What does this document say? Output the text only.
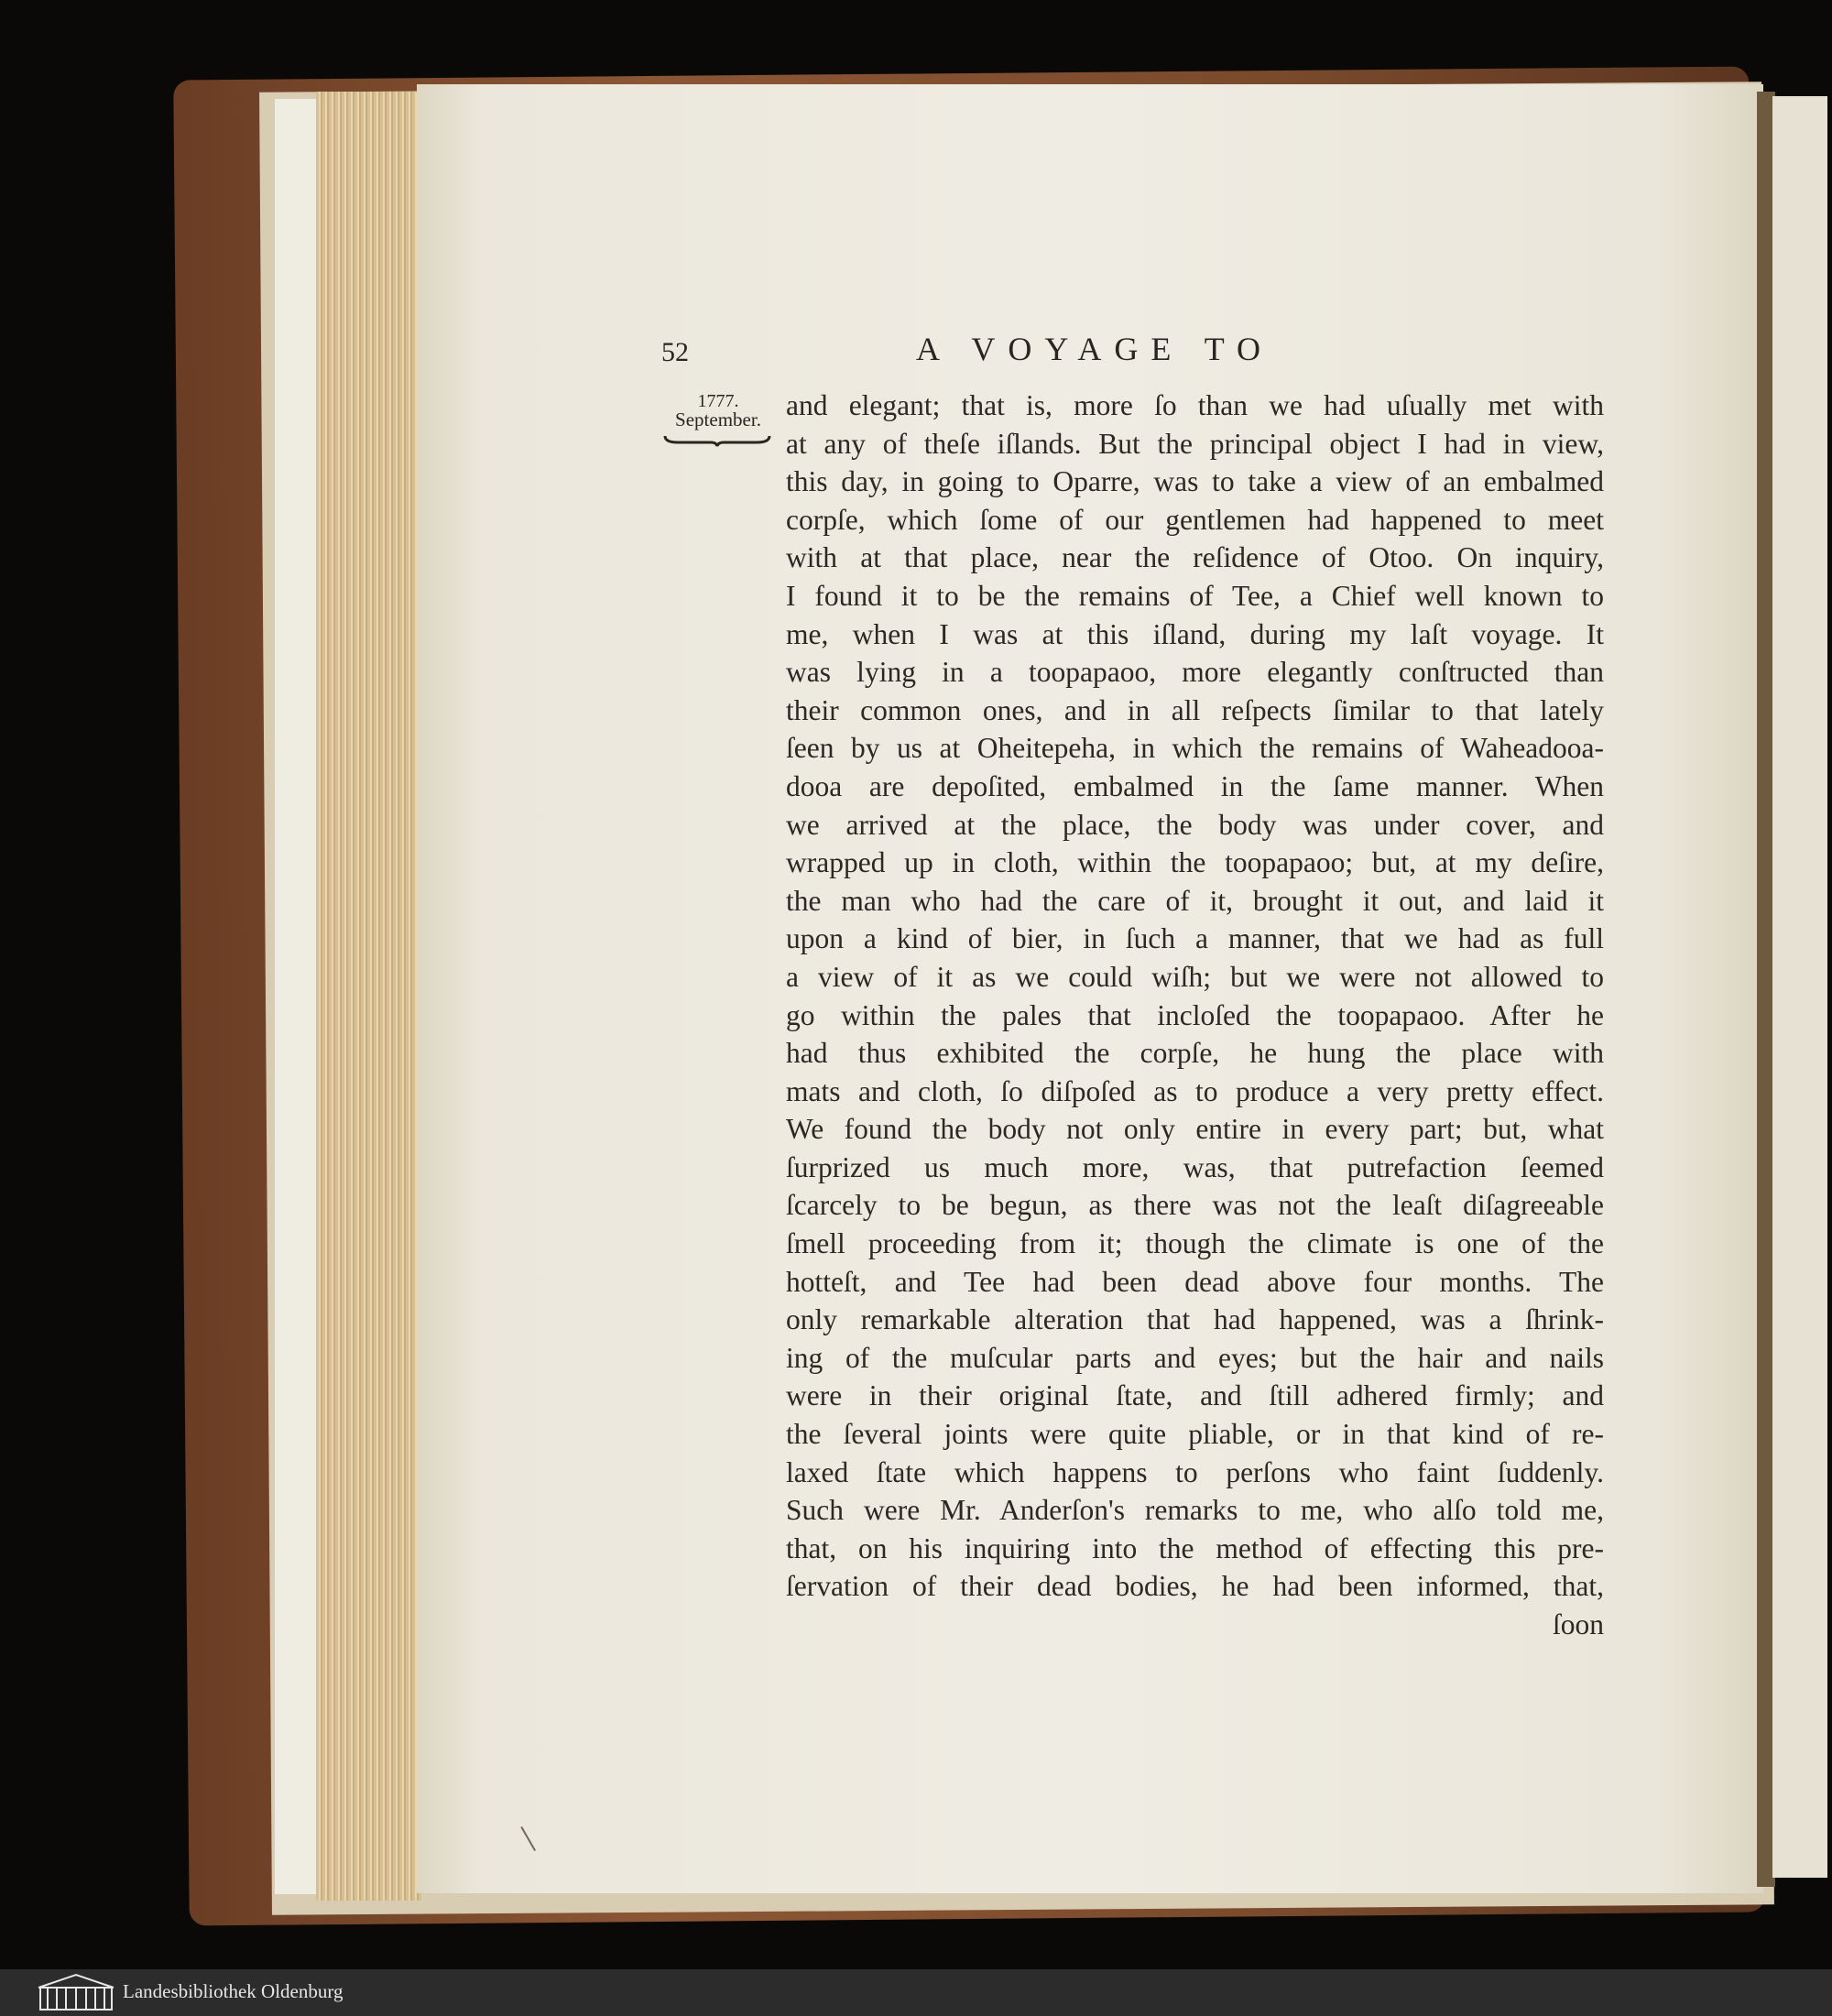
52	A VOYAGE TO
1777.
September. and elegant; that is, more ſo than we had uſually met with
at any of theſe iſlands. But the principal object I had in view,
this day, in going to Oparre, was to take a view of an embalmed
corpſe, which ſome of our gentlemen had happened to meet
with at that place, near the reſidence of Otoo. On inquiry,
I found it to be the remains of Tee, a Chief well known to
me, when I was at this iſland, during my laſt voyage. It
was lying in a toopapaoo, more elegantly conſtructed than
their common ones, and in all reſpects ſimilar to that lately
ſeen by us at Oheitepeha, in which the remains of Waheadooa-
dooa are depoſited, embalmed in the ſame manner. When
we arrived at the place, the body was under cover, and
wrapped up in cloth, within the toopapaoo; but, at my deſire,
the man who had the care of it, brought it out, and laid it
upon a kind of bier, in ſuch a manner, that we had as full
a view of it as we could wiſh; but we were not allowed to
go within the pales that incloſed the toopapaoo. After he
had thus exhibited the corpſe, he hung the place with
mats and cloth, ſo diſpoſed as to produce a very pretty effect.
We found the body not only entire in every part; but, what
ſurprized us much more, was, that putrefaction ſeemed
ſcarcely to be begun, as there was not the leaſt diſagreeable
ſmell proceeding from it; though the climate is one of the
hotteſt, and Tee had been dead above four months. The
only remarkable alteration that had happened, was a ſhrink-
ing of the muſcular parts and eyes; but the hair and nails
were in their original ſtate, and ſtill adhered firmly; and
the ſeveral joints were quite pliable, or in that kind of re-
laxed ſtate which happens to perſons who faint ſuddenly.
Such were Mr. Anderſon's remarks to me, who alſo told me,
that, on his inquiring into the method of effecting this pre-
ſervation of their dead bodies, he had been informed, that,
ſoon
Landesbibliothek Oldenburg
